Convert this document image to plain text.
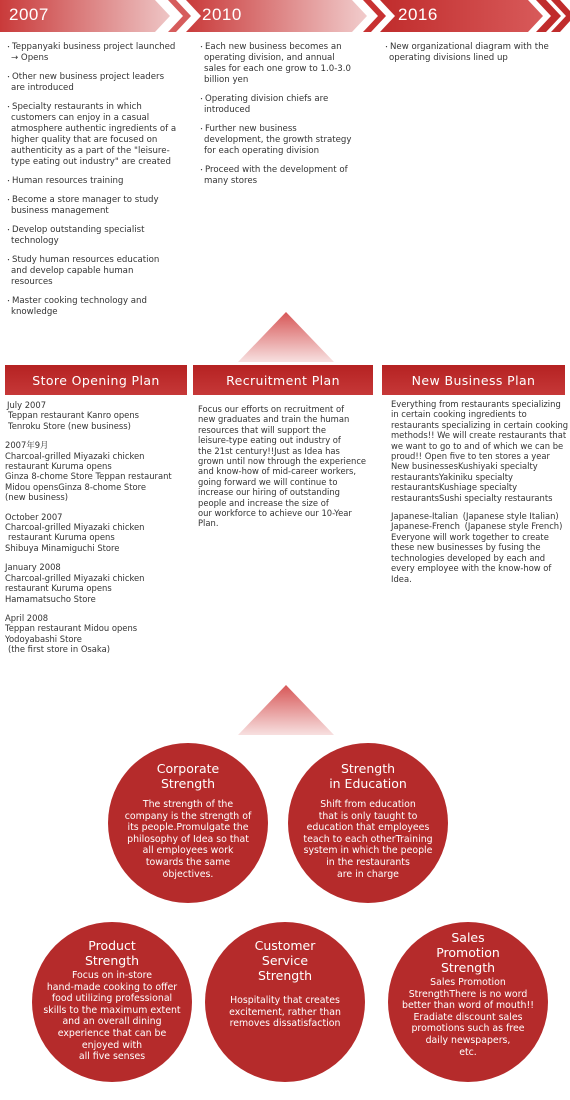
2007	2010	2016
・ Teppanyaki business project launched → Opens
・ Other new business project leaders are introduced
・ Specialty restaurants in which customers can enjoy in a casual atmosphere authentic ingredients of a higher quality that are focused on authenticity as a part of the "leisure-type eating out industry" are created
・ Human resources training
・ Become a store manager to study business management
・ Develop outstanding specialist technology
・ Study human resources education and develop capable human resources
・ Master cooking technology and knowledge
・ Each new business becomes an operating division, and annual sales for each one grow to 1.0-3.0 billion yen
・ Operating division chiefs are introduced
・ Further new business development, the growth strategy for each operating division
・ Proceed with the development of many stores
・ New organizational diagram with the operating divisions lined up
Store Opening Plan	Recruitment Plan	New Business Plan

July 2007
Teppan restaurant Kanro opens
Tenroku Store (new business)

2007年9月
Charcoal-grilled Miyazaki chicken
restaurant Kuruma opens
Ginza 8-chome Store Teppan restaurant
Midou opensGinza 8-chome Store
(new business)

October 2007
Charcoal-grilled Miyazaki chicken
restaurant Kuruma opens
Shibuya Minamiguchi Store

January 2008
Charcoal-grilled Miyazaki chicken
restaurant Kuruma opens
Hamamatsucho Store

April 2008
Teppan restaurant Midou opens
Yodoyabashi Store
(the first store in Osaka)

Focus our efforts on recruitment of
new graduates and train the human
resources that will support the
leisure-type eating out industry of
the 21st century!!Just as Idea has
grown until now through the experience
and know-how of mid-career workers,
going forward we will continue to
increase our hiring of outstanding
people and increase the size of
our workforce to achieve our 10-Year
Plan.
Everything from restaurants specializing in certain cooking ingredients to restaurants specializing in certain cooking methods!! We will create restaurants that we want to go to and of which we can be proud!! Open five to ten stores a year New businessesKushiyaki specialty restaurantsYakiniku specialty restaurantsKushiage specialty restaurantsSushi specialty restaurants
Japanese-Italian (Japanese style Italian) Japanese-French (Japanese style French) Everyone will work together to create these new businesses by fusing the technologies developed by each and every employee with the know-how of Idea.
Corporate
Strength
The strength of the
company is the strength of
its people.Promulgate the
philosophy of Idea so that
all employees work
towards the same
objectives.
Strength
in Education
Shift from education
that is only taught to
education that employees
teach to each otherTraining
system in which the people
in the restaurants
are in charge
Product
Strength
Focus on in-store
hand-made cooking to offer
food utilizing professional
skills to the maximum extent
and an overall dining
experience that can be
enjoyed with
all five senses
Customer
Service
Strength
Hospitality that creates
excitement, rather than
removes dissatisfaction
Sales
Promotion
Strength
Sales Promotion
StrengthThere is no word
better than word of mouth!!
Eradiate discount sales
promotions such as free
daily newspapers,
etc.
